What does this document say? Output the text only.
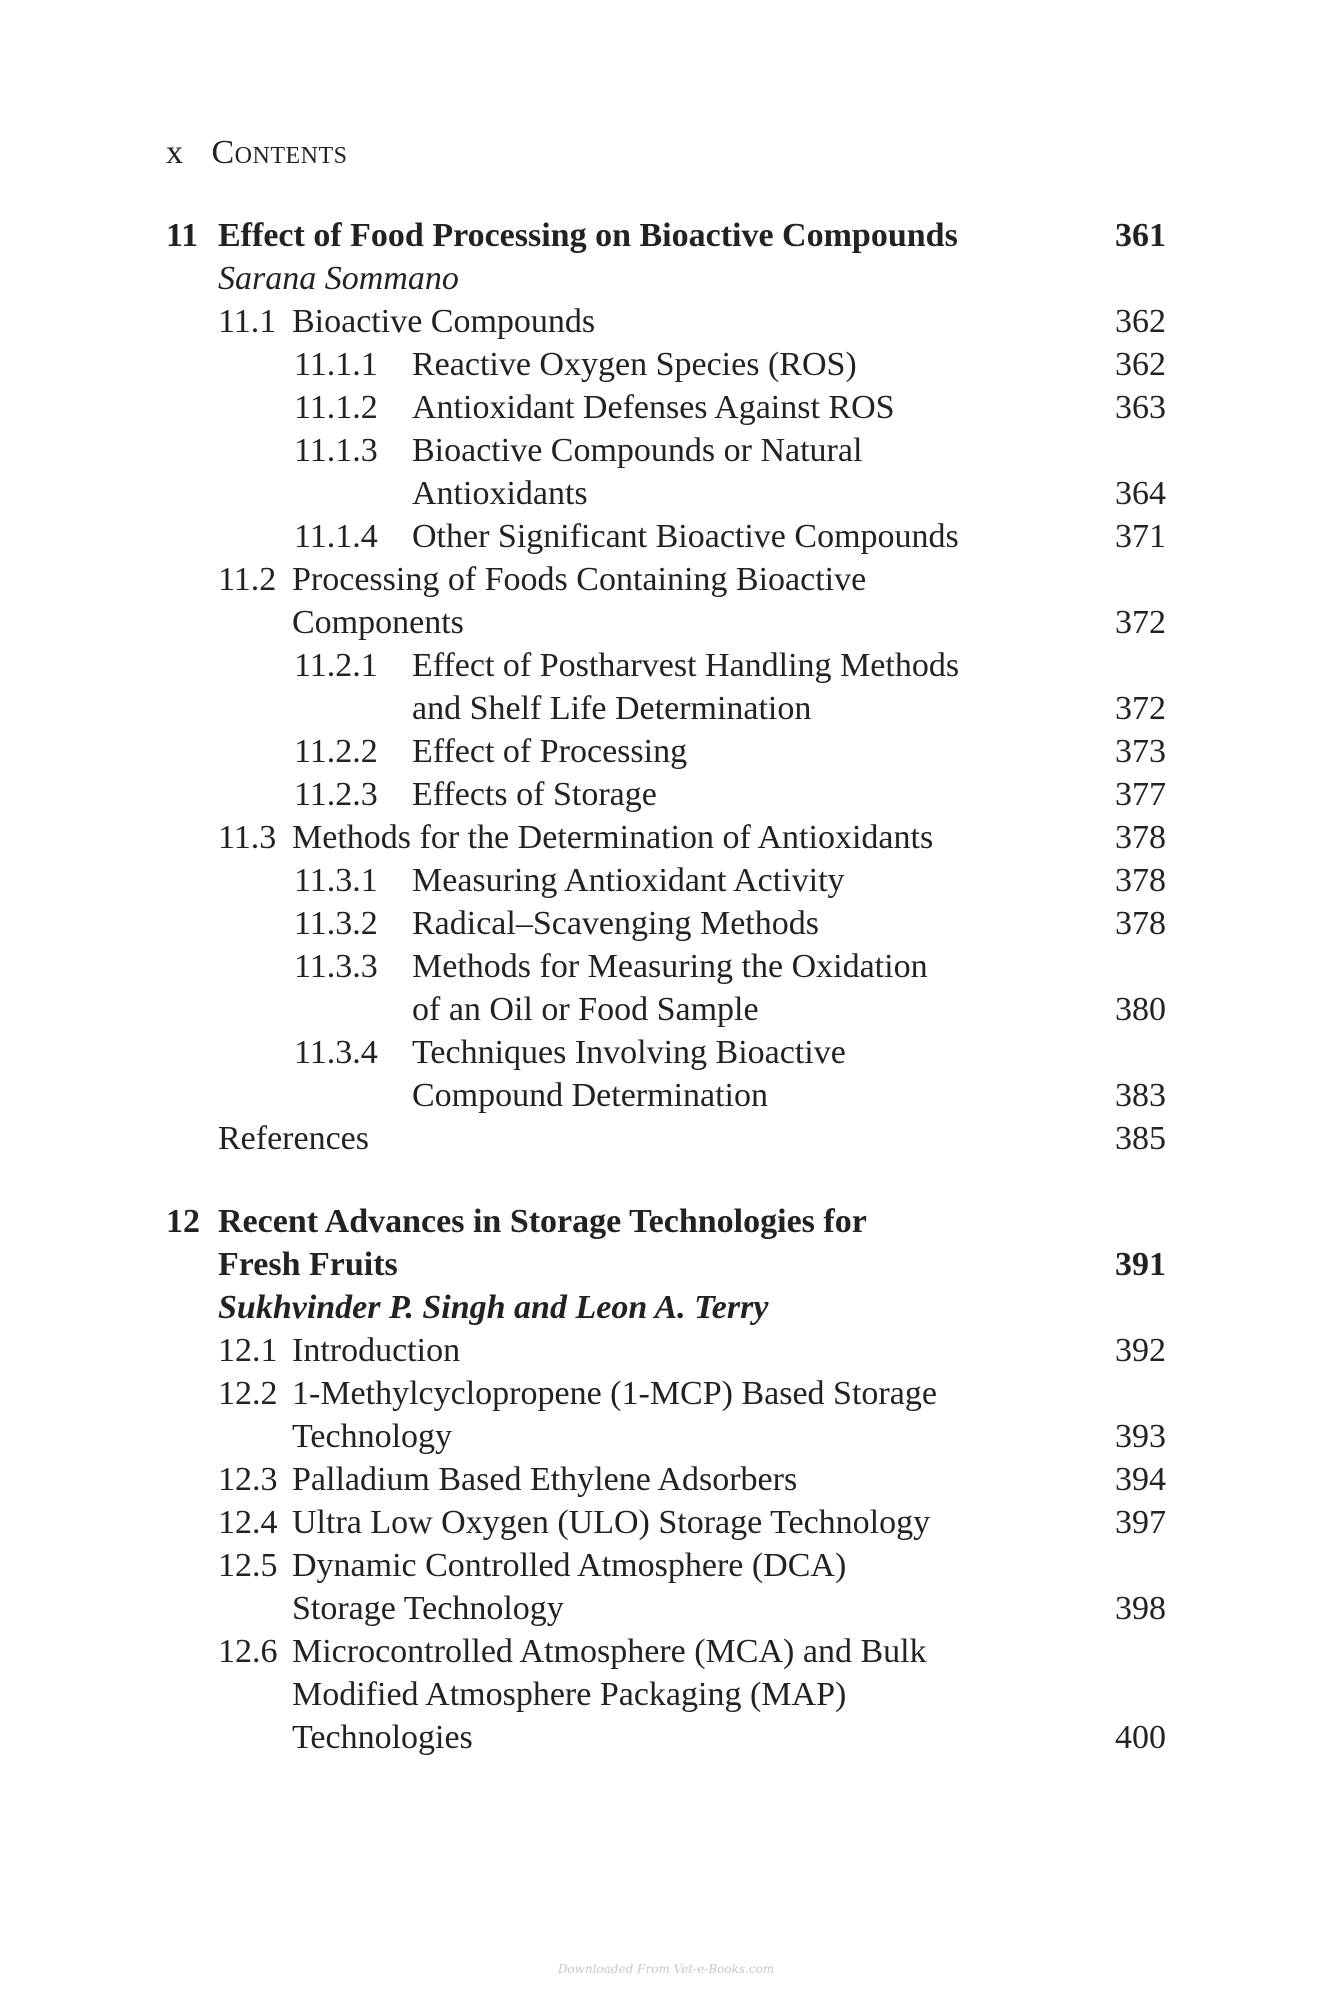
x Contents
11 Effect of Food Processing on Bioactive Compounds	361
Sarana Sommano
11.1 Bioactive Compounds	362
11.1.1 Reactive Oxygen Species (ROS)	362
11.1.2 Antioxidant Defenses Against ROS	363
11.1.3 Bioactive Compounds or Natural
Antioxidants	364
11.1.4 Other Significant Bioactive Compounds	371
11.2 Processing of Foods Containing Bioactive
Components	372
11.2.1 Effect of Postharvest Handling Methods
and Shelf Life Determination	372
11.2.2 Effect of Processing	373
11.2.3 Effects of Storage	377
11.3 Methods for the Determination of Antioxidants	378
11.3.1 Measuring Antioxidant Activity	378
11.3.2 Radical–Scavenging Methods	378
11.3.3 Methods for Measuring the Oxidation
of an Oil or Food Sample	380
11.3.4 Techniques Involving Bioactive
Compound Determination	383
References	385
12 Recent Advances in Storage Technologies for
Fresh Fruits	391
Sukhvinder P. Singh and Leon A. Terry
12.1 Introduction	392
12.2 1-Methylcyclopropene (1-MCP) Based Storage
Technology	393
12.3 Palladium Based Ethylene Adsorbers	394
12.4 Ultra Low Oxygen (ULO) Storage Technology	397
12.5 Dynamic Controlled Atmosphere (DCA)
Storage Technology	398
12.6 Microcontrolled Atmosphere (MCA) and Bulk
Modified Atmosphere Packaging (MAP)
Technologies	400
Downloaded From Vet-e-Books.com
